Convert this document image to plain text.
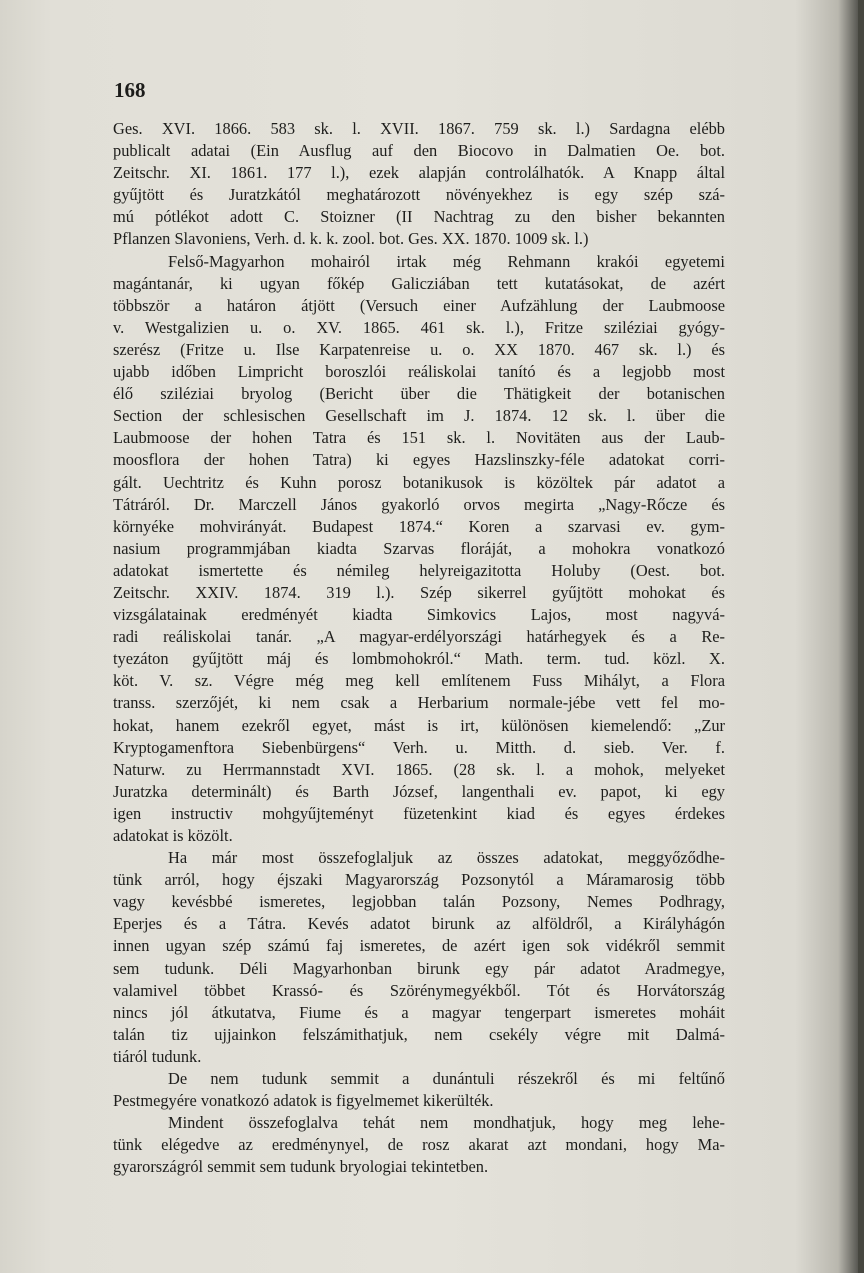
168
Ges. XVI. 1866. 583 sk. l. XVII. 1867. 759 sk. l.) Sardagna elébb
publicalt adatai (Ein Ausflug auf den Biocovo in Dalmatien Oe. bot.
Zeitschr. XI. 1861. 177 l.), ezek alapján controlálhatók. A Knapp által
gyűjtött és Juratzkától meghatározott növényekhez is egy szép szá-
mú pótlékot adott C. Stoizner (II Nachtrag zu den bisher bekannten
Pflanzen Slavoniens, Verh. d. k. k. zool. bot. Ges. XX. 1870. 1009 sk. l.)
Felső-Magyarhon mohairól irtak még Rehmann krakói egyetemi
magántanár, ki ugyan főkép Galicziában tett kutatásokat, de azért
többször a határon átjött (Versuch einer Aufzählung der Laubmoose
v. Westgalizien u. o. XV. 1865. 461 sk. l.), Fritze sziléziai gyógy-
szerész (Fritze u. Ilse Karpatenreise u. o. XX 1870. 467 sk. l.) és
ujabb időben Limpricht boroszlói reáliskolai tanító és a legjobb most
élő sziléziai bryolog (Bericht über die Thätigkeit der botanischen
Section der schlesischen Gesellschaft im J. 1874. 12 sk. l. über die
Laubmoose der hohen Tatra és 151 sk. l. Novitäten aus der Laub-
moosflora der hohen Tatra) ki egyes Hazslinszky-féle adatokat corri-
gált. Uechtritz és Kuhn porosz botanikusok is közöltek pár adatot a
Tátráról. Dr. Marczell János gyakorló orvos megirta „Nagy-Rőcze és
környéke mohvirányát. Budapest 1874.“ Koren a szarvasi ev. gym-
nasium programmjában kiadta Szarvas floráját, a mohokra vonatkozó
adatokat ismertette és némileg helyreigazitotta Holuby (Oest. bot.
Zeitschr. XXIV. 1874. 319 l.). Szép sikerrel gyűjtött mohokat és
vizsgálatainak eredményét kiadta Simkovics Lajos, most nagyvá-
radi reáliskolai tanár. „A magyar-erdélyországi határhegyek és a Re-
tyezáton gyűjtött máj és lombmohokról.“ Math. term. tud. közl. X.
köt. V. sz. Végre még meg kell említenem Fuss Mihályt, a Flora
transs. szerzőjét, ki nem csak a Herbarium normale-jébe vett fel mo-
hokat, hanem ezekről egyet, mást is irt, különösen kiemelendő: „Zur
Kryptogamenftora Siebenbürgens“ Verh. u. Mitth. d. sieb. Ver. f.
Naturw. zu Herrmannstadt XVI. 1865. (28 sk. l. a mohok, melyeket
Juratzka determinált) és Barth József, langenthali ev. papot, ki egy
igen instructiv mohgyűjteményt füzetenkint kiad és egyes érdekes
adatokat is közölt.
Ha már most összefoglaljuk az összes adatokat, meggyőződhe-
tünk arról, hogy éjszaki Magyarország Pozsonytól a Máramarosig több
vagy kevésbbé ismeretes, legjobban talán Pozsony, Nemes Podhragy,
Eperjes és a Tátra. Kevés adatot birunk az alföldről, a Királyhágón
innen ugyan szép számú faj ismeretes, de azért igen sok vidékről semmit
sem tudunk. Déli Magyarhonban birunk egy pár adatot Aradmegye,
valamivel többet Krassó- és Szörénymegyékből. Tót és Horvátország
nincs jól átkutatva, Fiume és a magyar tengerpart ismeretes moháit
talán tiz ujjainkon felszámithatjuk, nem csekély végre mit Dalmá-
tiáról tudunk.
De nem tudunk semmit a dunántuli részekről és mi feltűnő
Pestmegyére vonatkozó adatok is figyelmemet kikerülték.
Mindent összefoglalva tehát nem mondhatjuk, hogy meg lehe-
tünk elégedve az eredménynyel, de rosz akarat azt mondani, hogy Ma-
gyarországról semmit sem tudunk bryologiai tekintetben.
